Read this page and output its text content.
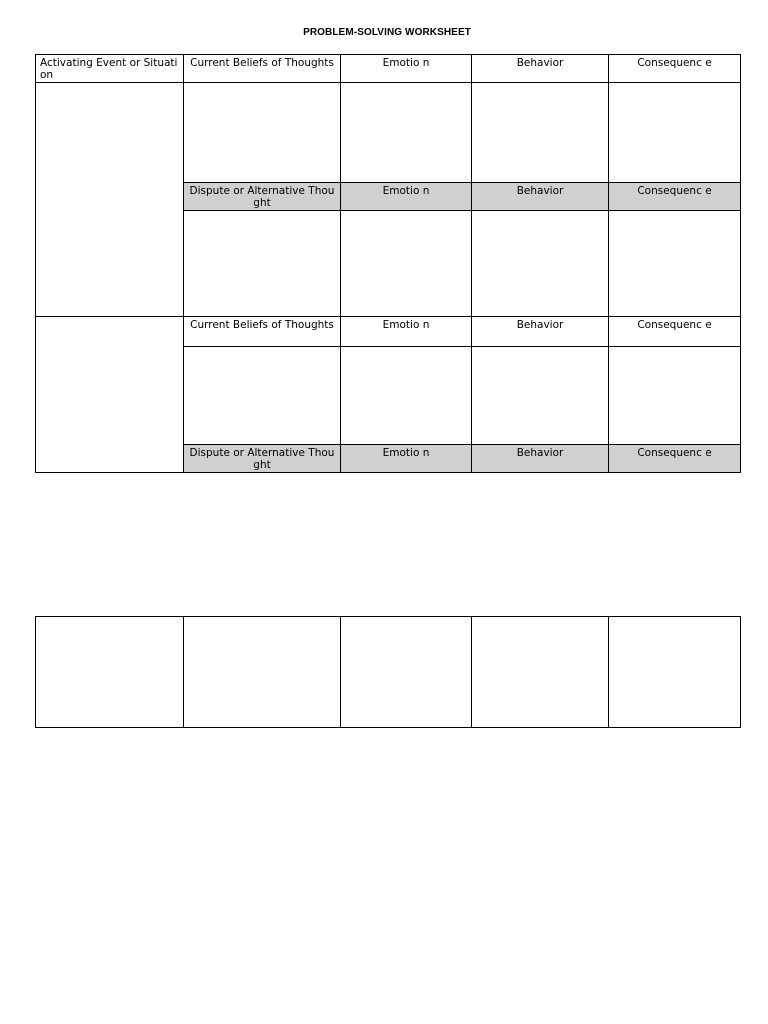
PROBLEM-SOLVING WORKSHEET
Activating Event or Situation	Current Beliefs of Thoughts	Emotio n	Behavior	Consequenc e

	Dispute or Alternative Thought	Emotio n	Behavior	Consequenc e

	Current Beliefs of Thoughts	Emotio n	Behavior	Consequenc e

	Dispute or Alternative Thought	Emotio n	Behavior	Consequenc e
